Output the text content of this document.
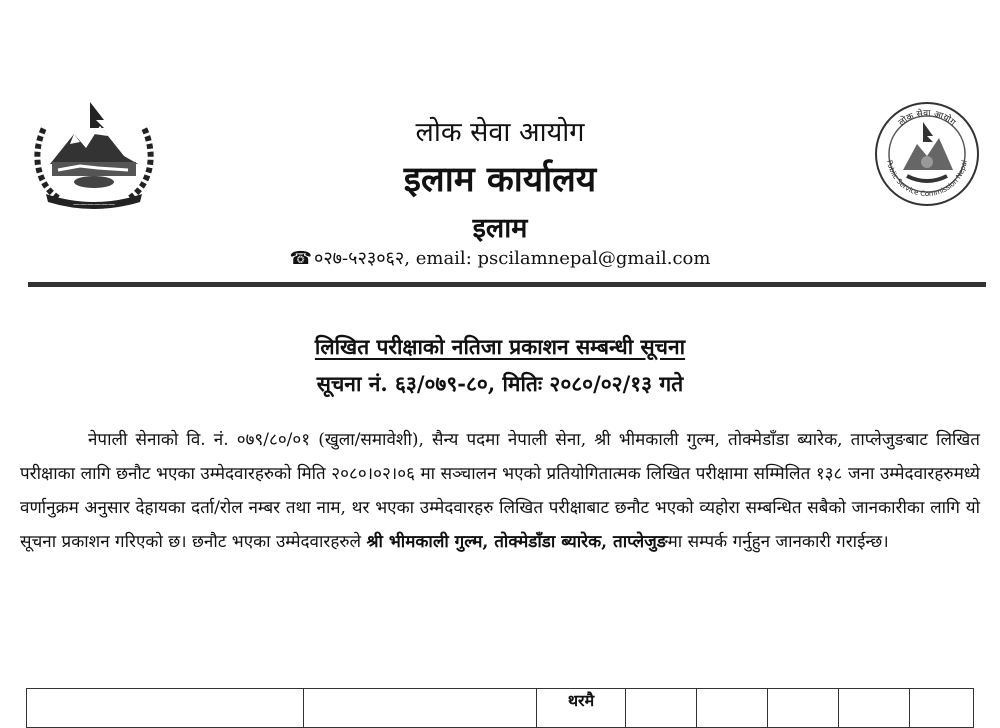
——————
लोक सेवा आयोग
Public Service Commission Nepal
लोक सेवा आयोग
इलाम कार्यालय
इलाम
☎ ०२७-५२३०६२, email: pscilamnepal@gmail.com
लिखित परीक्षाको नतिजा प्रकाशन सम्बन्धी सूचना
सूचना नं. ६३/०७९-८०, मितिः २०८०/०२/१३ गते
नेपाली सेनाको वि. नं. ०७९/८०/०१ (खुला/समावेशी), सैन्य पदमा नेपाली सेना, श्री भीमकाली गुल्म, तोक्मेडाँडा ब्यारेक, ताप्लेजुङबाट लिखित परीक्षाका लागि छनौट भएका उम्मेदवारहरुको मिति २०८०।०२।०६ मा सञ्चालन भएको प्रतियोगितात्मक लिखित परीक्षामा सम्मिलित १३८ जना उम्मेदवारहरुमध्ये वर्णानुक्रम अनुसार देहायका दर्ता/रोल नम्बर तथा नाम, थर भएका उम्मेदवारहरु लिखित परीक्षाबाट छनौट भएको व्यहोरा सम्बन्धित सबैको जानकारीका लागि यो सूचना प्रकाशन गरिएको छ। छनौट भएका उम्मेदवारहरुले श्री भीमकाली गुल्म, तोक्मेडाँडा ब्यारेक, ताप्लेजुङमा सम्पर्क गर्नुहुन जानकारी गराईन्छ।
		थरमै					
